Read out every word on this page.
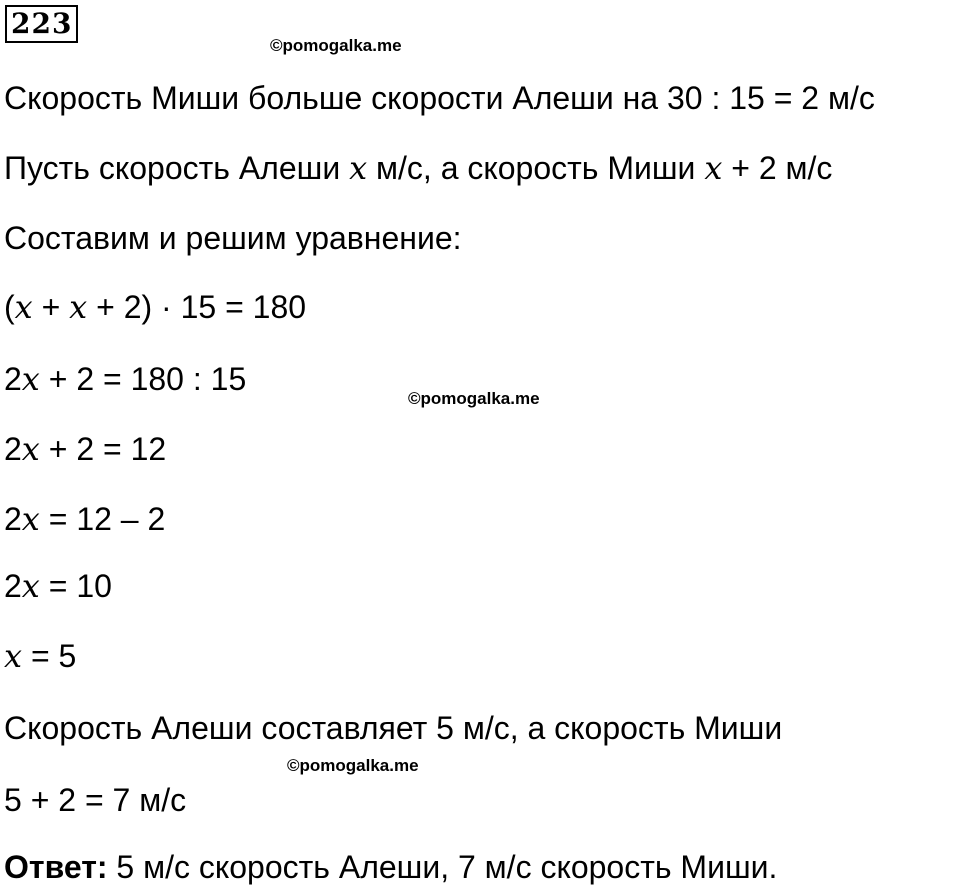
223
©pomogalka.me
©pomogalka.me
©pomogalka.me
Скорость Миши больше скорости Алеши на 30 : 15 = 2 м/с
Пусть скорость Алеши x м/с, а скорость Миши x + 2 м/с
Составим и решим уравнение:
(x + x + 2) · 15 = 180
2x + 2 = 180 : 15
2x + 2 = 12
2x = 12 – 2
2x = 10
x = 5
Скорость Алеши составляет 5 м/с, а скорость Миши
5 + 2 = 7 м/с
Ответ: 5 м/с скорость Алеши, 7 м/с скорость Миши.
